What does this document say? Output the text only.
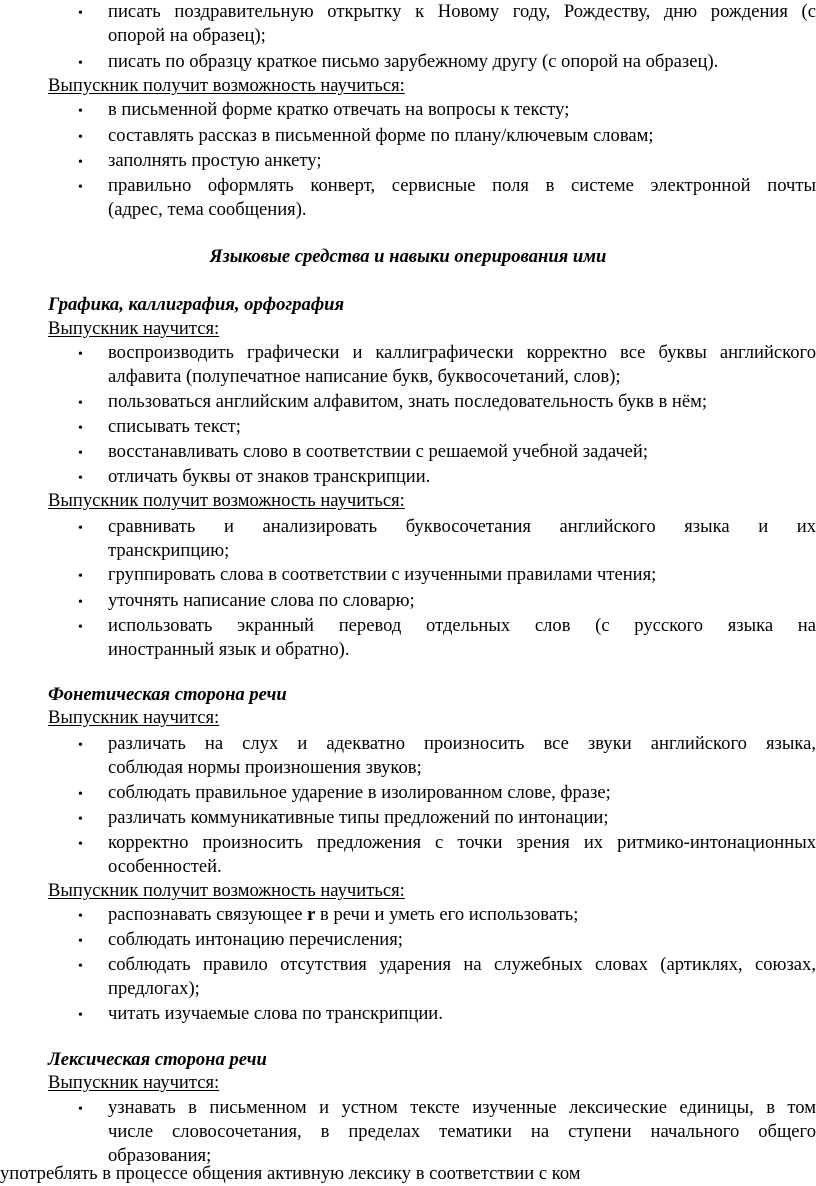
• писать поздравительную открытку к Новому году, Рождеству, дню рождения (с
опорой на образец);
• писать по образцу краткое письмо зарубежному другу (с опорой на образец).
Выпускник получит возможность научиться:
• в письменной форме кратко отвечать на вопросы к тексту;
• составлять рассказ в письменной форме по плану/ключевым словам;
• заполнять простую анкету;
• правильно оформлять конверт, сервисные поля в системе электронной почты
(адрес, тема сообщения).
Языковые средства и навыки оперирования ими
Графика, каллиграфия, орфография
Выпускник научится:
• воспроизводить графически и каллиграфически корректно все буквы английского
алфавита (полупечатное написание букв, буквосочетаний, слов);
• пользоваться английским алфавитом, знать последовательность букв в нём;
• списывать текст;
• восстанавливать слово в соответствии с решаемой учебной задачей;
• отличать буквы от знаков транскрипции.
Выпускник получит возможность научиться:
• сравнивать и анализировать буквосочетания английского языка и их
транскрипцию;
• группировать слова в соответствии с изученными правилами чтения;
• уточнять написание слова по словарю;
• использовать экранный перевод отдельных слов (с русского языка на
иностранный язык и обратно).
Фонетическая сторона речи
Выпускник научится:
• различать на слух и адекватно произносить все звуки английского языка,
соблюдая нормы произношения звуков;
• соблюдать правильное ударение в изолированном слове, фразе;
• различать коммуникативные типы предложений по интонации;
• корректно произносить предложения с точки зрения их ритмико-интонационных
особенностей.
Выпускник получит возможность научиться:
• распознавать связующее r в речи и уметь его использовать;
• соблюдать интонацию перечисления;
• соблюдать правило отсутствия ударения на служебных словах (артиклях, союзах,
предлогах);
• читать изучаемые слова по транскрипции.
Лексическая сторона речи
Выпускник научится:
• узнавать в письменном и устном тексте изученные лексические единицы, в том
числе словосочетания, в пределах тематики на ступени начального общего
образования;
употреблять в процессе общения активную лексику в соответствии с ком
